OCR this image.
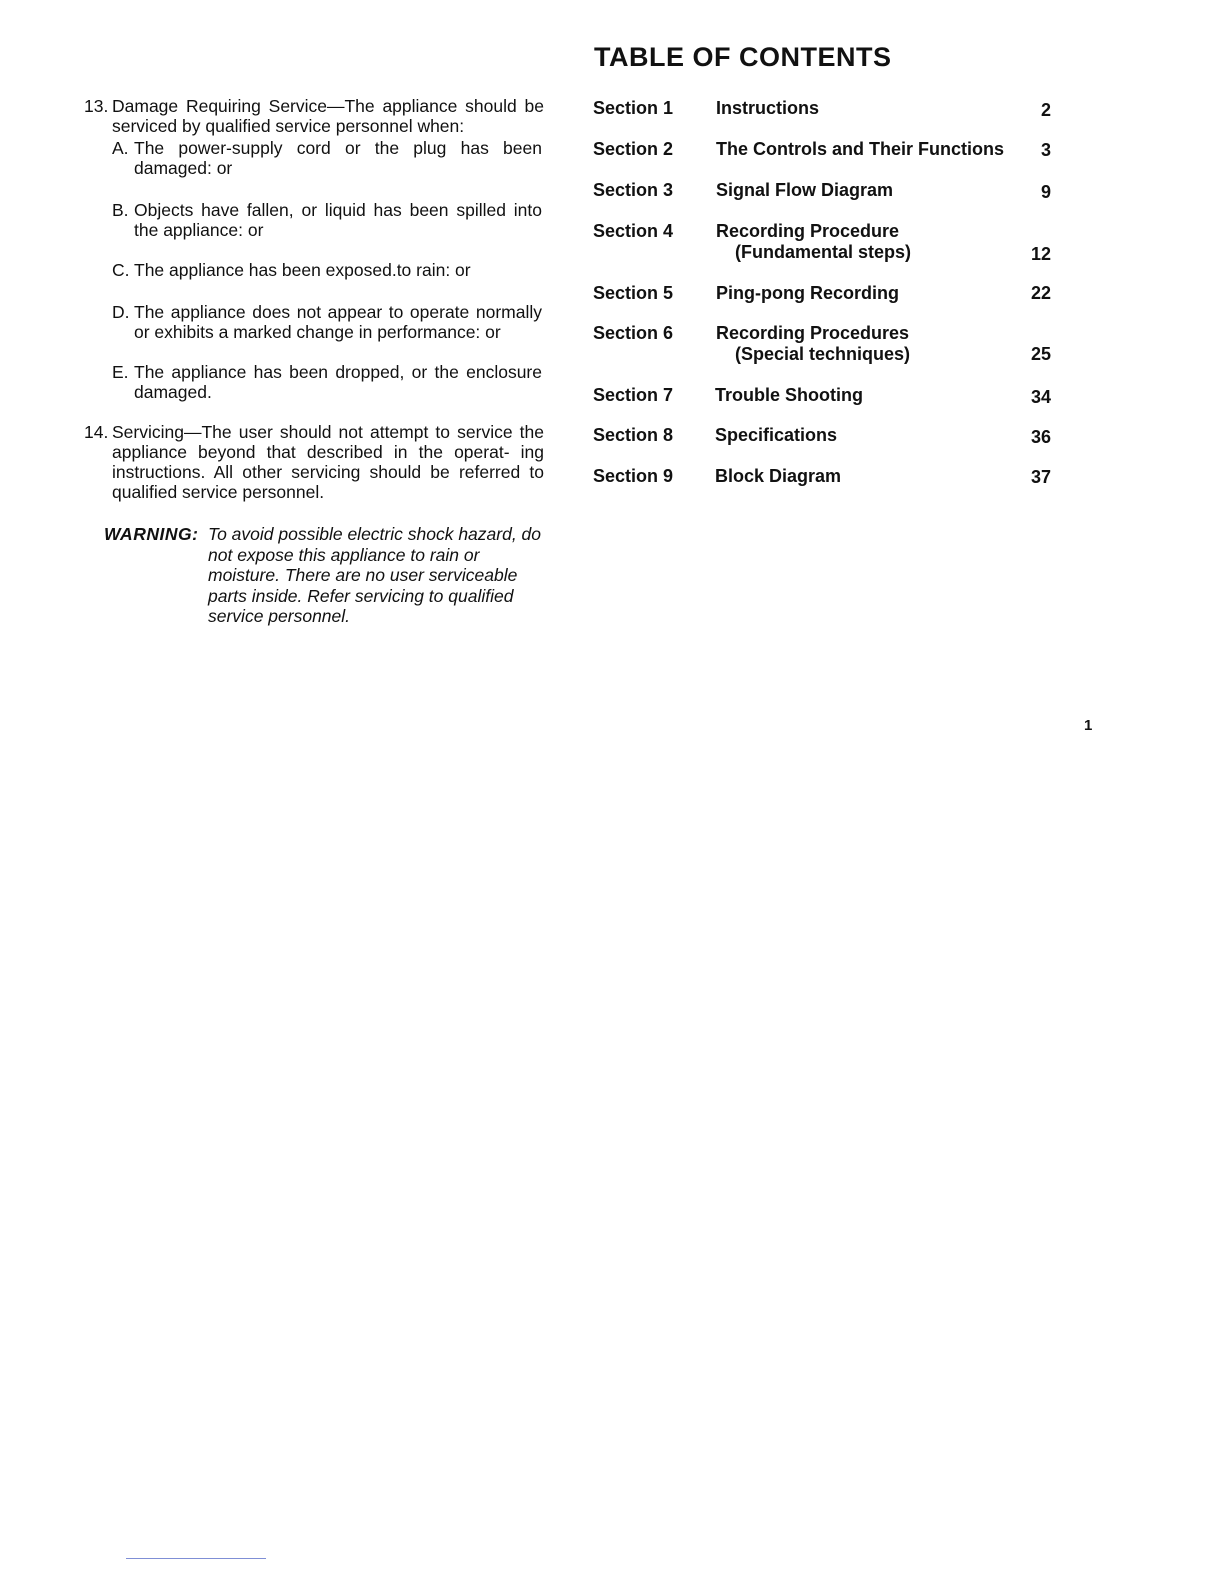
13. Damage Requiring Service—The appliance should be serviced by qualified service personnel when:
A. The power-supply cord or the plug has been damaged: or
B. Objects have fallen, or liquid has been spilled into the appliance: or
C. The appliance has been exposed.to rain: or
D. The appliance does not appear to operate normally or exhibits a marked change in performance: or
E. The appliance has been dropped, or the enclosure damaged.
14. Servicing—The user should not attempt to service the appliance beyond that described in the operat- ing instructions. All other servicing should be referred to qualified service personnel.
WARNING: To avoid possible electric shock hazard, do not expose this appliance to rain or moisture. There are no user serviceable parts inside. Refer servicing to qualified service personnel.
TABLE OF CONTENTS
Section 1 Instructions	2
Section 2 The Controls and Their Functions 3
Section 3 Signal Flow Diagram	9
Section 4 Recording Procedure
(Fundamental steps)	12
Section 5 Ping-pong Recording	22
Section 6 Recording Procedures
(Special techniques)	25
Section 7 Trouble Shooting	34
Section 8 Specifications	36
Section 9 Block Diagram	37
1
